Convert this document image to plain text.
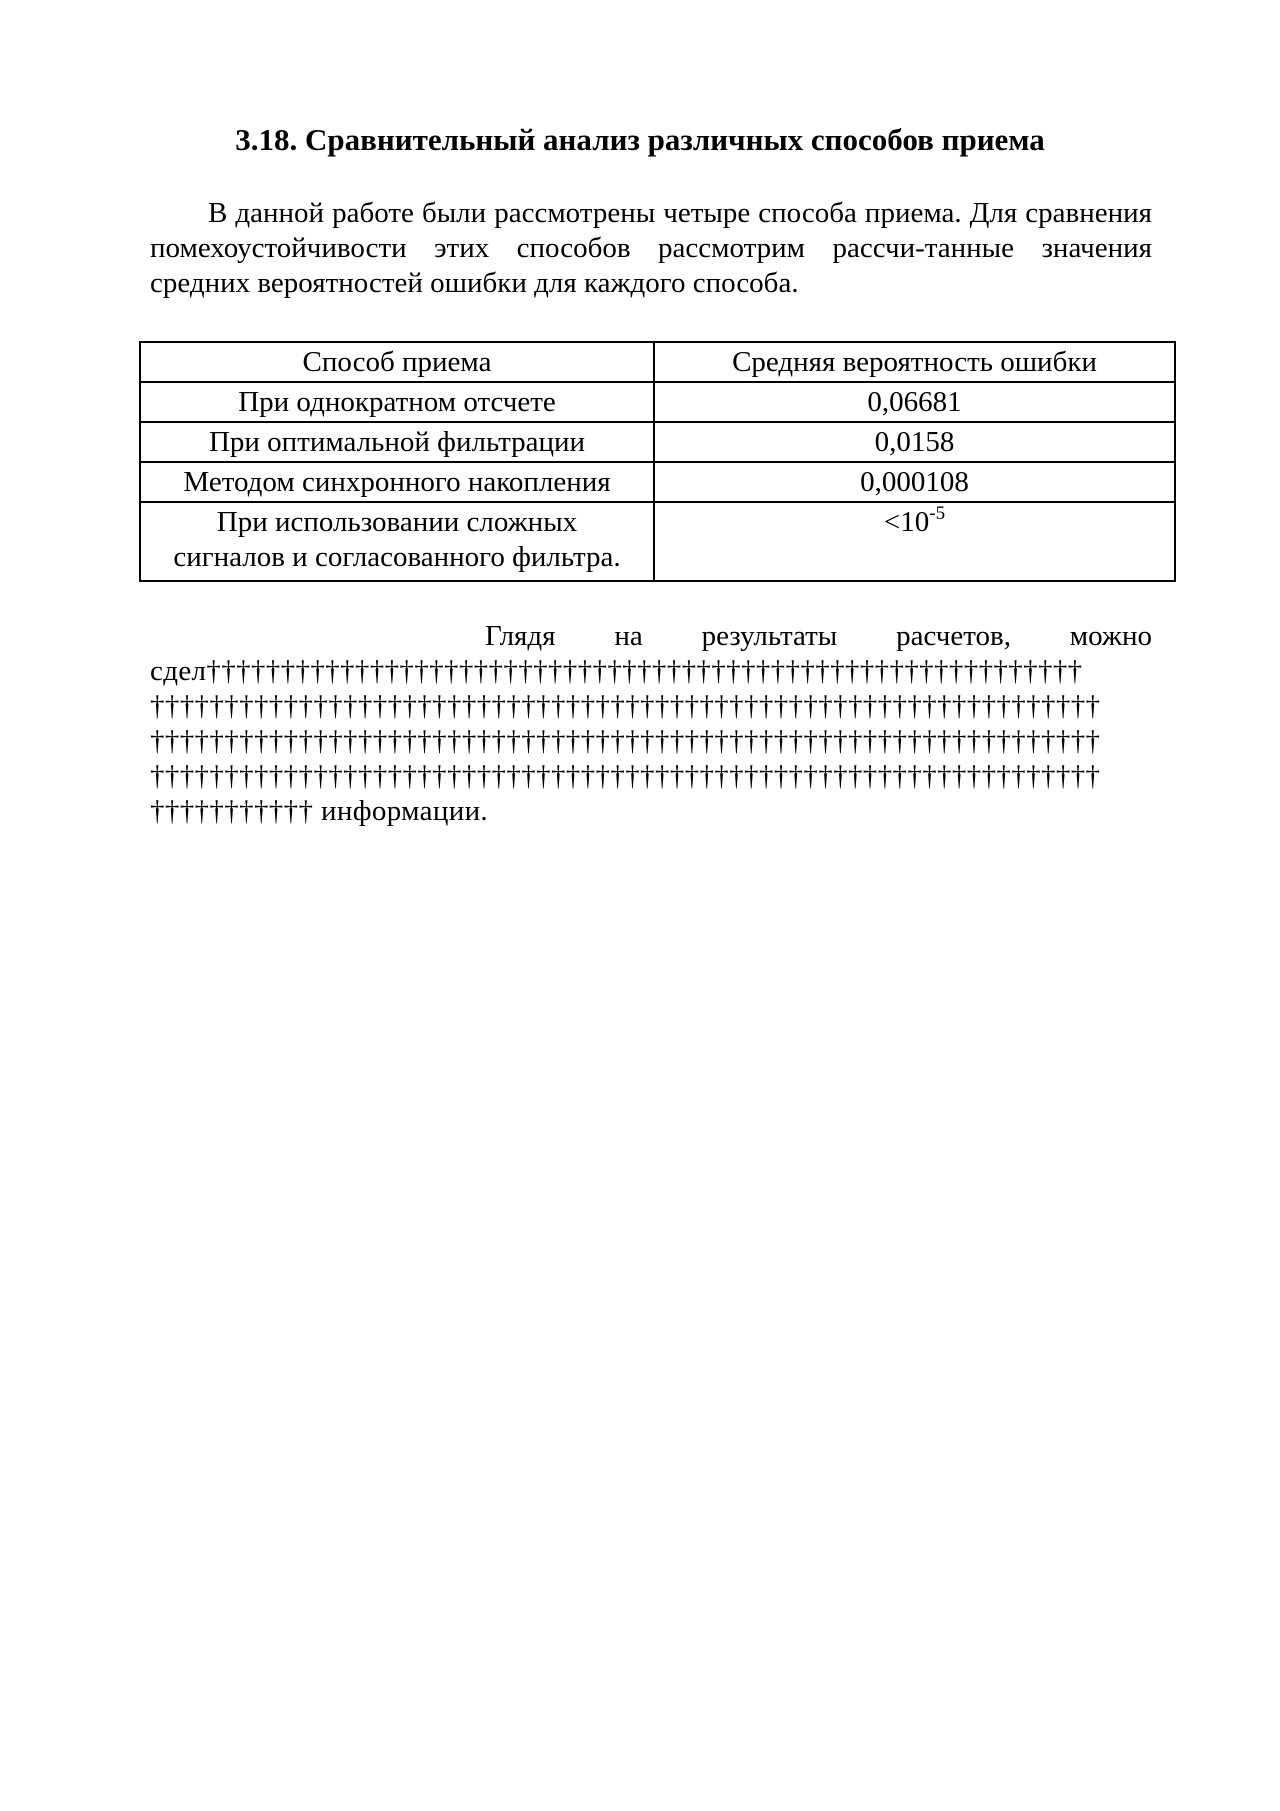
3.18. Сравнительный анализ различных способов приема
В данной работе были рассмотрены четыре способа приема. Для сравнения помехоустойчивости этих способов рассмотрим рассчи-танные значения средних вероятностей ошибки для каждого способа.
Способ приема	Средняя вероятность ошибки
При однократном отсчете	0,06681
При оптимальной фильтрации	0,0158
Методом синхронного накопления	0,000108
При использовании сложных
сигналов и согласованного фильтра.	$<10^{-5}$
Глядя на результаты расчетов, можно
сдел†††††††††††††††††††††††††††††††††††††††††††††††††††††††††††
††††††††††††††††††††††††††††††††††††††††††††††††††††††††††††††††
††††††††††††††††††††††††††††††††††††††††††††††††††††††††††††††††
††††††††††††††††††††††††††††††††††††††††††††††††††††††††††††††††
††††††††††† информации.
